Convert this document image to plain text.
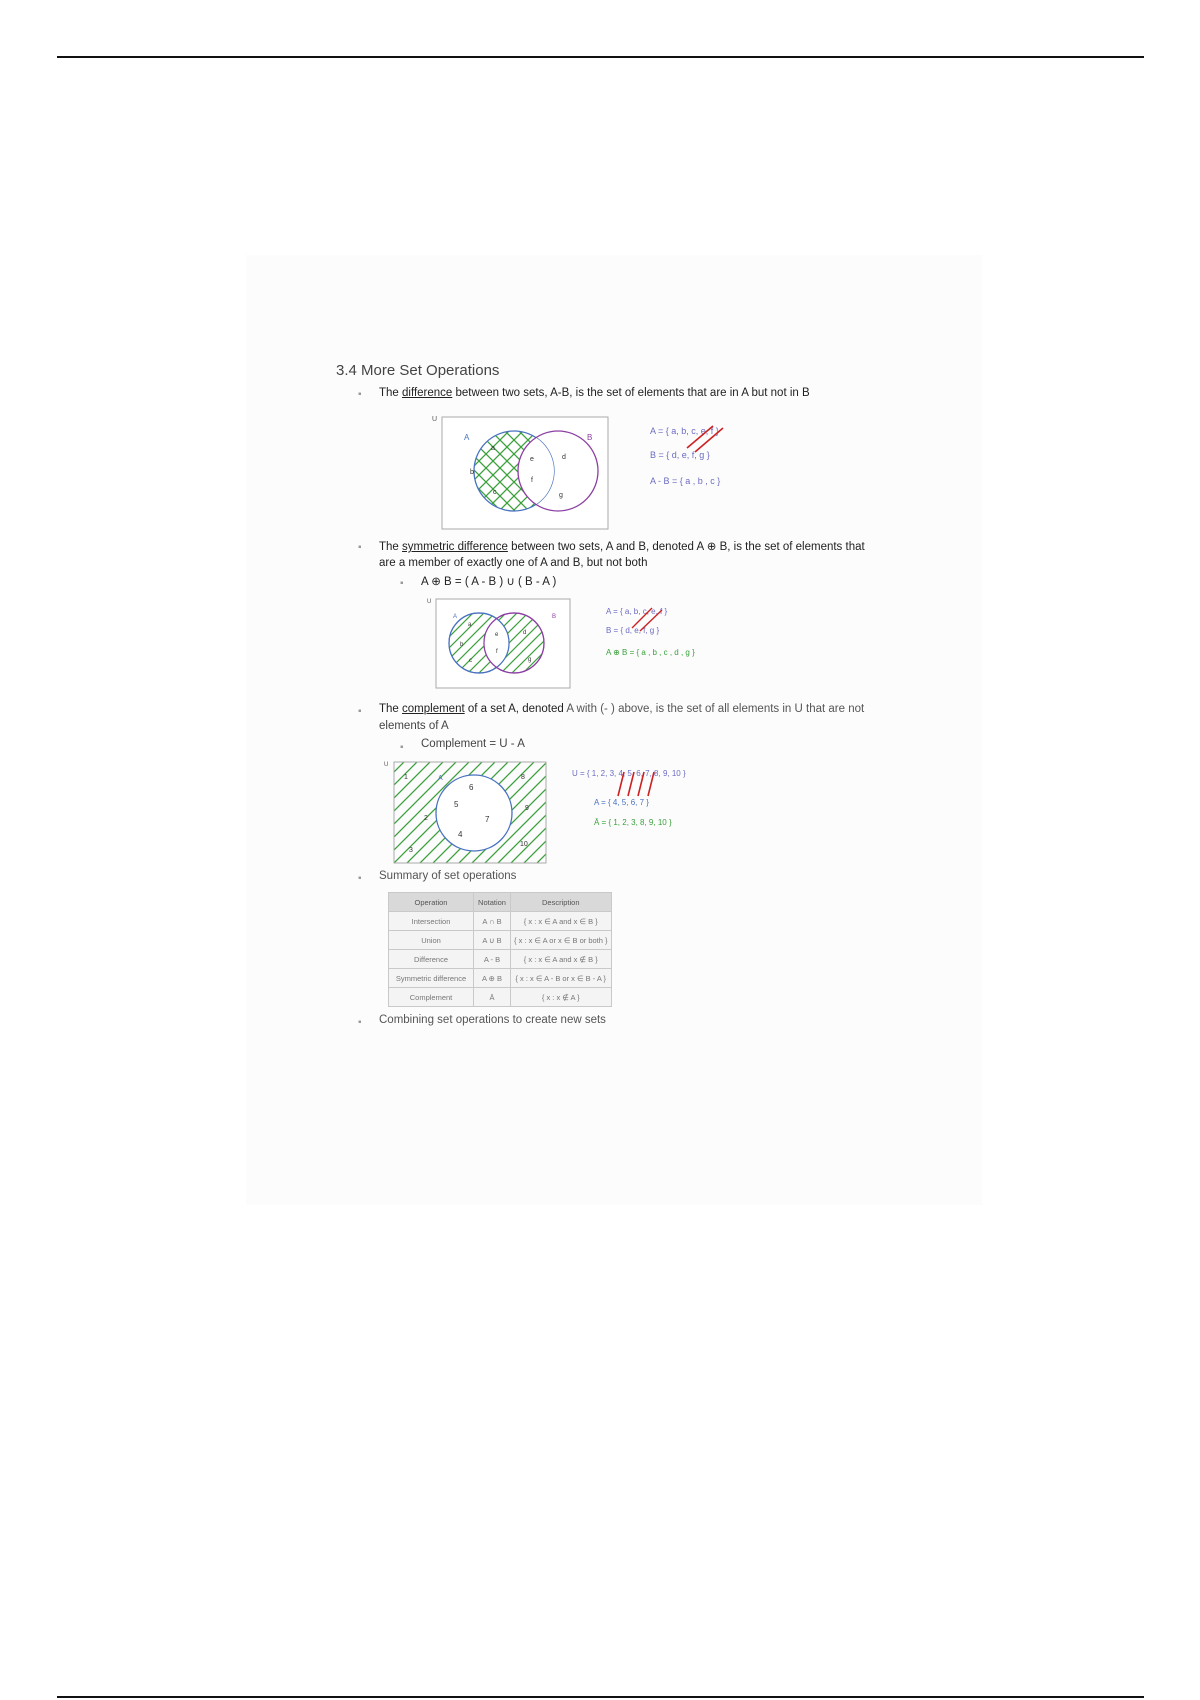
3.4 More Set Operations
▪ The difference between two sets, A-B, is the set of elements that are in A but not in B
U
A	B
a
b
c
e
f
d
g
A = { a, b, c, e, f }
B = { d, e, f, g }
A - B = { a , b , c }
▪ The symmetric difference between two sets, A and B, denoted A ⊕ B, is the set of elements that
are a member of exactly one of A and B, but not both
▪ A ⊕ B = ( A - B ) ∪ ( B - A )
U
A	B
a
b
c
e
f
d
g
A = { a, b, c, e, f }
B = { d, e, f, g }
A ⊕ B = { a , b , c , d , g }
▪ The complement of a set A, denoted A with (- ) above, is the set of all elements in U that are not
elements of A
▪ Complement = U - A
U
A
6
5
7
4
1
2
3
8
9
10
U = { 1, 2, 3, 4, 5, 6, 7, 8, 9, 10 }
A = { 4, 5, 6, 7 }
Ā = { 1, 2, 3, 8, 9, 10 }
▪ Summary of set operations
Operation	Notation	Description
Intersection	A ∩ B	{ x : x ∈ A and x ∈ B }
Union	A ∪ B	{ x : x ∈ A or x ∈ B or both }
Difference	A - B	{ x : x ∈ A and x ∉ B }
Symmetric difference	A ⊕ B	{ x : x ∈ A - B or x ∈ B - A }
Complement	Ā	{ x : x ∉ A }
▪ Combining set operations to create new sets
